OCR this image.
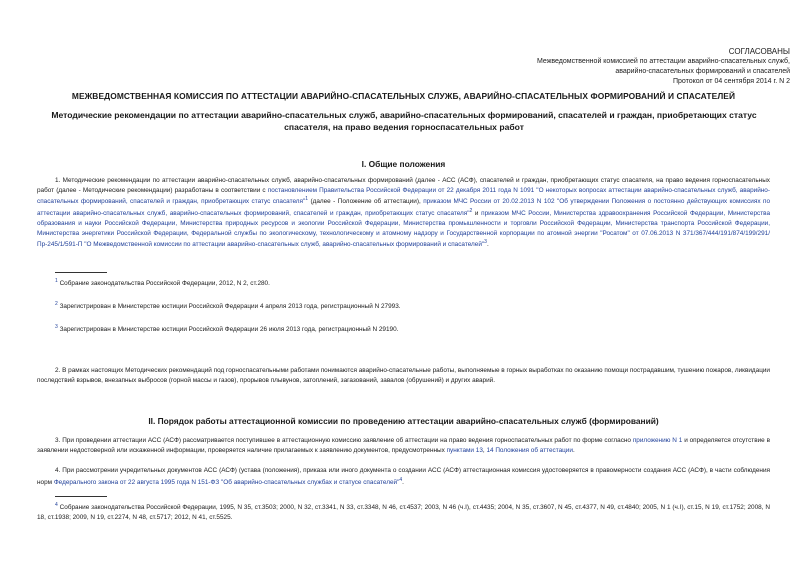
СОГЛАСОВАНЫ
Межведомственной комиссией по аттестации аварийно-спасательных служб,
аварийно-спасательных формирований и спасателей
Протокол от 04 сентября 2014 г. N 2
МЕЖВЕДОМСТВЕННАЯ КОМИССИЯ ПО АТТЕСТАЦИИ АВАРИЙНО-СПАСАТЕЛЬНЫХ СЛУЖБ, АВАРИЙНО-СПАСАТЕЛЬНЫХ ФОРМИРОВАНИЙ И СПАСАТЕЛЕЙ
Методические рекомендации по аттестации аварийно-спасательных служб, аварийно-спасательных формирований, спасателей и граждан, приобретающих статус
спасателя, на право ведения горноспасательных работ
I. Общие положения
1. Методические рекомендации по аттестации аварийно-спасательных служб, аварийно-спасательных формирований (далее - АСС (АСФ), спасателей и граждан, приобретающих статус спасателя, на право ведения горноспасательных работ (далее - Методические рекомендации) разработаны в соответствии с постановлением Правительства Российской Федерации от 22 декабря 2011 года N 1091 "О некоторых вопросах аттестации аварийно-спасательных служб, аварийно-спасательных формирований, спасателей и граждан, приобретающих статус спасателя"$^1$ (далее - Положение об аттестации), приказом МЧС России от 20.02.2013 N 102 "Об утверждении Положения о постоянно действующих комиссиях по аттестации аварийно-спасательных служб, аварийно-спасательных формирований, спасателей и граждан, приобретающих статус спасателя"$^2$ и приказом МЧС России, Министерства здравоохранения Российской Федерации, Министерства образования и науки Российской Федерации, Министерства природных ресурсов и экологии Российской Федерации, Министерства промышленности и торговли Российской Федерации, Министерства транспорта Российской Федерации, Министерства энергетики Российской Федерации, Федеральной службы по экологическому, технологическому и атомному надзору и Государственной корпорации по атомной энергии "Росатом" от 07.06.2013 N 371/367/444/191/874/199/291/Пр-245/1/591-П "О Межведомственной комиссии по аттестации аварийно-спасательных служб, аварийно-спасательных формирований и спасателей"$^3$.
$^1$ Собрание законодательства Российской Федерации, 2012, N 2, ст.280.
$^2$ Зарегистрирован в Министерстве юстиции Российской Федерации 4 апреля 2013 года, регистрационный N 27993.
$^3$ Зарегистрирован в Министерстве юстиции Российской Федерации 26 июля 2013 года, регистрационный N 29190.
2. В рамках настоящих Методических рекомендаций под горноспасательными работами понимаются аварийно-спасательные работы, выполняемые в горных выработках по оказанию помощи пострадавшим, тушению пожаров, ликвидации последствий взрывов, внезапных выбросов (горной массы и газов), прорывов плывунов, затоплений, загазований, завалов (обрушений) и других аварий.
II. Порядок работы аттестационной комиссии по проведению аттестации аварийно-спасательных служб (формирований)
3. При проведении аттестации АСС (АСФ) рассматривается поступившее в аттестационную комиссию заявление об аттестации на право ведения горноспасательных работ по форме согласно приложению N 1 и определяется отсутствие в заявлении недостоверной или искаженной информации, проверяется наличие прилагаемых к заявлению документов, предусмотренных пунктами 13, 14 Положения об аттестации.
4. При рассмотрении учредительных документов АСС (АСФ) (устава (положения), приказа или иного документа о создании АСС (АСФ) аттестационная комиссия удостоверяется в правомерности создания АСС (АСФ), в части соблюдения норм Федерального закона от 22 августа 1995 года N 151-ФЗ "Об аварийно-спасательных службах и статусе спасателей"$^4$.
$^4$ Собрание законодательства Российской Федерации, 1995, N 35, ст.3503; 2000, N 32, ст.3341, N 33, ст.3348, N 46, ст.4537; 2003, N 46 (ч.I), ст.4435; 2004, N 35, ст.3607, N 45, ст.4377, N 49, ст.4840; 2005, N 1 (ч.I), ст.15, N 19, ст.1752; 2008, N 18, ст.1938; 2009, N 19, ст.2274, N 48, ст.5717; 2012, N 41, ст.5525.
